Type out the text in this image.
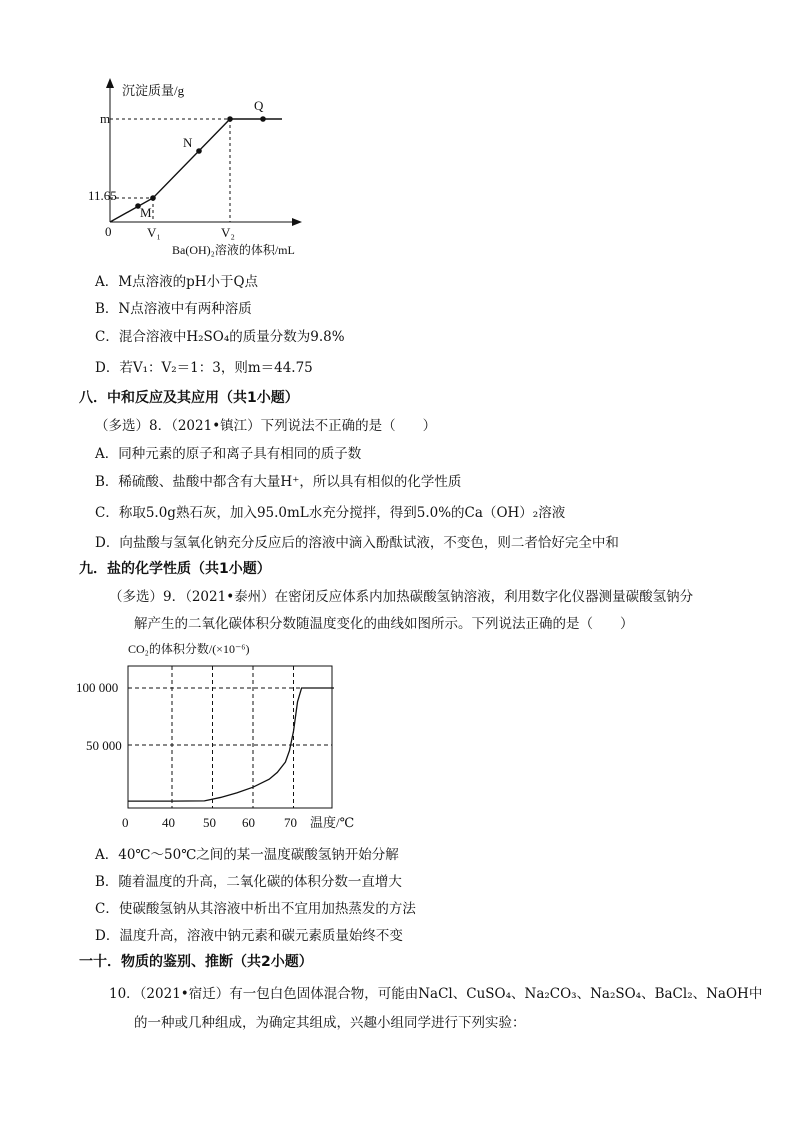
沉淀质量/g
m
11.65
0	V₁	V₂
M
N
Q
Ba(OH)₂溶液的体积/mL
A．M点溶液的pH小于Q点
B．N点溶液中有两种溶质
C．混合溶液中H₂SO₄的质量分数为9.8%
D．若V₁：V₂＝1：3，则m＝44.75
八．中和反应及其应用（共1小题）
（多选）8．（2021•镇江）下列说法不正确的是（　　）
A．同种元素的原子和离子具有相同的质子数
B．稀硫酸、盐酸中都含有大量H⁺，所以具有相似的化学性质
C．称取5.0g熟石灰，加入95.0mL水充分搅拌，得到5.0%的Ca（OH）₂溶液
D．向盐酸与氢氧化钠充分反应后的溶液中滴入酚酞试液，不变色，则二者恰好完全中和
九．盐的化学性质（共1小题）
（多选）9．（2021•泰州）在密闭反应体系内加热碳酸氢钠溶液，利用数字化仪器测量碳酸氢钠分
解产生的二氧化碳体积分数随温度变化的曲线如图所示。下列说法正确的是（　　）
CO₂的体积分数/(×10⁻⁶)
100 000
50 000
0	40 50 60 70 温度/℃
A．40℃～50℃之间的某一温度碳酸氢钠开始分解
B．随着温度的升高，二氧化碳的体积分数一直增大
C．使碳酸氢钠从其溶液中析出不宜用加热蒸发的方法
D．温度升高，溶液中钠元素和碳元素质量始终不变
一十．物质的鉴别、推断（共2小题）
10．（2021•宿迁）有一包白色固体混合物，可能由NaCl、CuSO₄、Na₂CO₃、Na₂SO₄、BaCl₂、NaOH中
的一种或几种组成，为确定其组成，兴趣小组同学进行下列实验：
